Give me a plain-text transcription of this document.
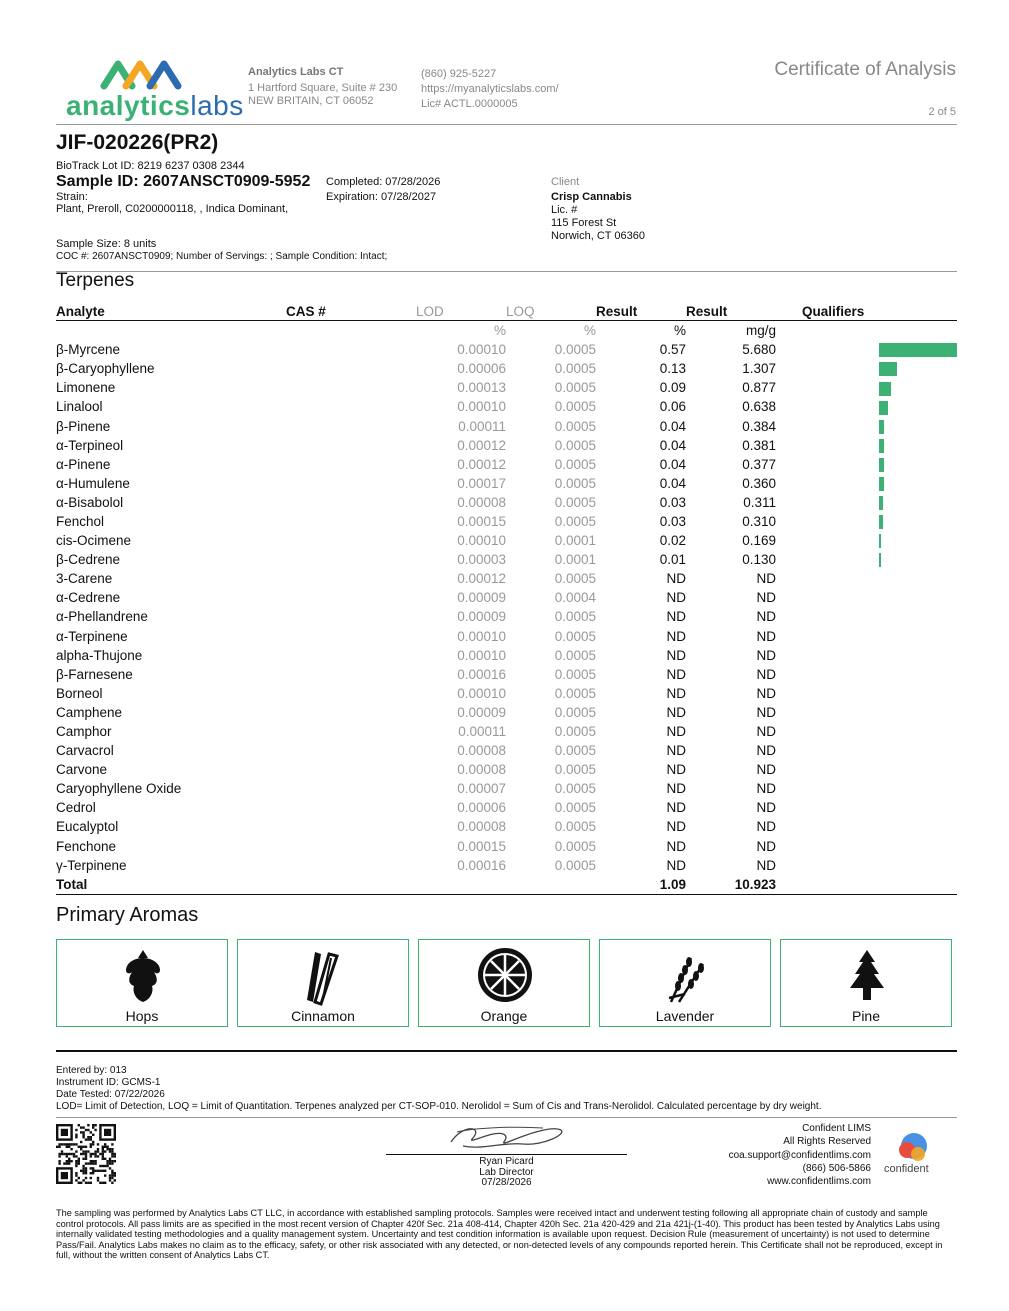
analyticslabs
Analytics Labs CT
1 Hartford Square, Suite # 230
NEW BRITAIN, CT 06052
(860) 925-5227
https://myanalyticslabs.com/
Lic# ACTL.0000005
Certificate of Analysis
2 of 5
JIF-020226(PR2)
BioTrack Lot ID: 8219 6237 0308 2344
Sample ID: 2607ANSCT0909-5952
Strain:
Plant, Preroll, C0200000118, , Indica Dominant,
Completed: 07/28/2026
Expiration: 07/28/2027
Client
Crisp Cannabis
Lic. #
115 Forest St
Norwich, CT 06360
Sample Size: 8 units
COC #: 2607ANSCT0909; Number of Servings: ; Sample Condition: Intact;
Terpenes
Analyte	CAS #	LOD	LOQ	Result	Result	Qualifiers
		%	%	%	mg/g	
β-Myrcene		0.00010	0.0005	0.57	5.680	
β-Caryophyllene		0.00006	0.0005	0.13	1.307	
Limonene		0.00013	0.0005	0.09	0.877	
Linalool		0.00010	0.0005	0.06	0.638	
β-Pinene		0.00011	0.0005	0.04	0.384	
α-Terpineol		0.00012	0.0005	0.04	0.381	
α-Pinene		0.00012	0.0005	0.04	0.377	
α-Humulene		0.00017	0.0005	0.04	0.360	
α-Bisabolol		0.00008	0.0005	0.03	0.311	
Fenchol		0.00015	0.0005	0.03	0.310	
cis-Ocimene		0.00010	0.0001	0.02	0.169	
β-Cedrene		0.00003	0.0001	0.01	0.130	
3-Carene		0.00012	0.0005	ND	ND	
α-Cedrene		0.00009	0.0004	ND	ND	
α-Phellandrene		0.00009	0.0005	ND	ND	
α-Terpinene		0.00010	0.0005	ND	ND	
alpha-Thujone		0.00010	0.0005	ND	ND	
β-Farnesene		0.00016	0.0005	ND	ND	
Borneol		0.00010	0.0005	ND	ND	
Camphene		0.00009	0.0005	ND	ND	
Camphor		0.00011	0.0005	ND	ND	
Carvacrol		0.00008	0.0005	ND	ND	
Carvone		0.00008	0.0005	ND	ND	
Caryophyllene Oxide		0.00007	0.0005	ND	ND	
Cedrol		0.00006	0.0005	ND	ND	
Eucalyptol		0.00008	0.0005	ND	ND	
Fenchone		0.00015	0.0005	ND	ND	
γ-Terpinene		0.00016	0.0005	ND	ND	
Total				1.09	10.923	
Primary Aromas
Hops	Cinnamon	Orange	Lavender	Pine
Entered by: 013
Instrument ID: GCMS-1
Date Tested: 07/22/2026
LOD= Limit of Detection, LOQ = Limit of Quantitation. Terpenes analyzed per CT-SOP-010. Nerolidol = Sum of Cis and Trans-Nerolidol. Calculated percentage by dry weight.
Ryan Picard
Lab Director
07/28/2026
Confident LIMS
All Rights Reserved
coa.support@confidentlims.com
(866) 506-5866
www.confidentlims.com
confident
The sampling was performed by Analytics Labs CT LLC, in accordance with established sampling protocols. Samples were received intact and underwent testing following all appropriate chain of custody and sample control protocols. All pass limits are as specified in the most recent version of Chapter 420f Sec. 21a 408-414, Chapter 420h Sec. 21a 420-429 and 21a 421j-(1-40). This product has been tested by Analytics Labs using internally validated testing methodologies and a quality management system. Uncertainty and test condition information is available upon request. Decision Rule (measurement of uncertainty) is not used to determine Pass/Fail. Analytics Labs makes no claim as to the efficacy, safety, or other risk associated with any detected, or non-detected levels of any compounds reported herein. This Certificate shall not be reproduced, except in full, without the written consent of Analytics Labs CT.
